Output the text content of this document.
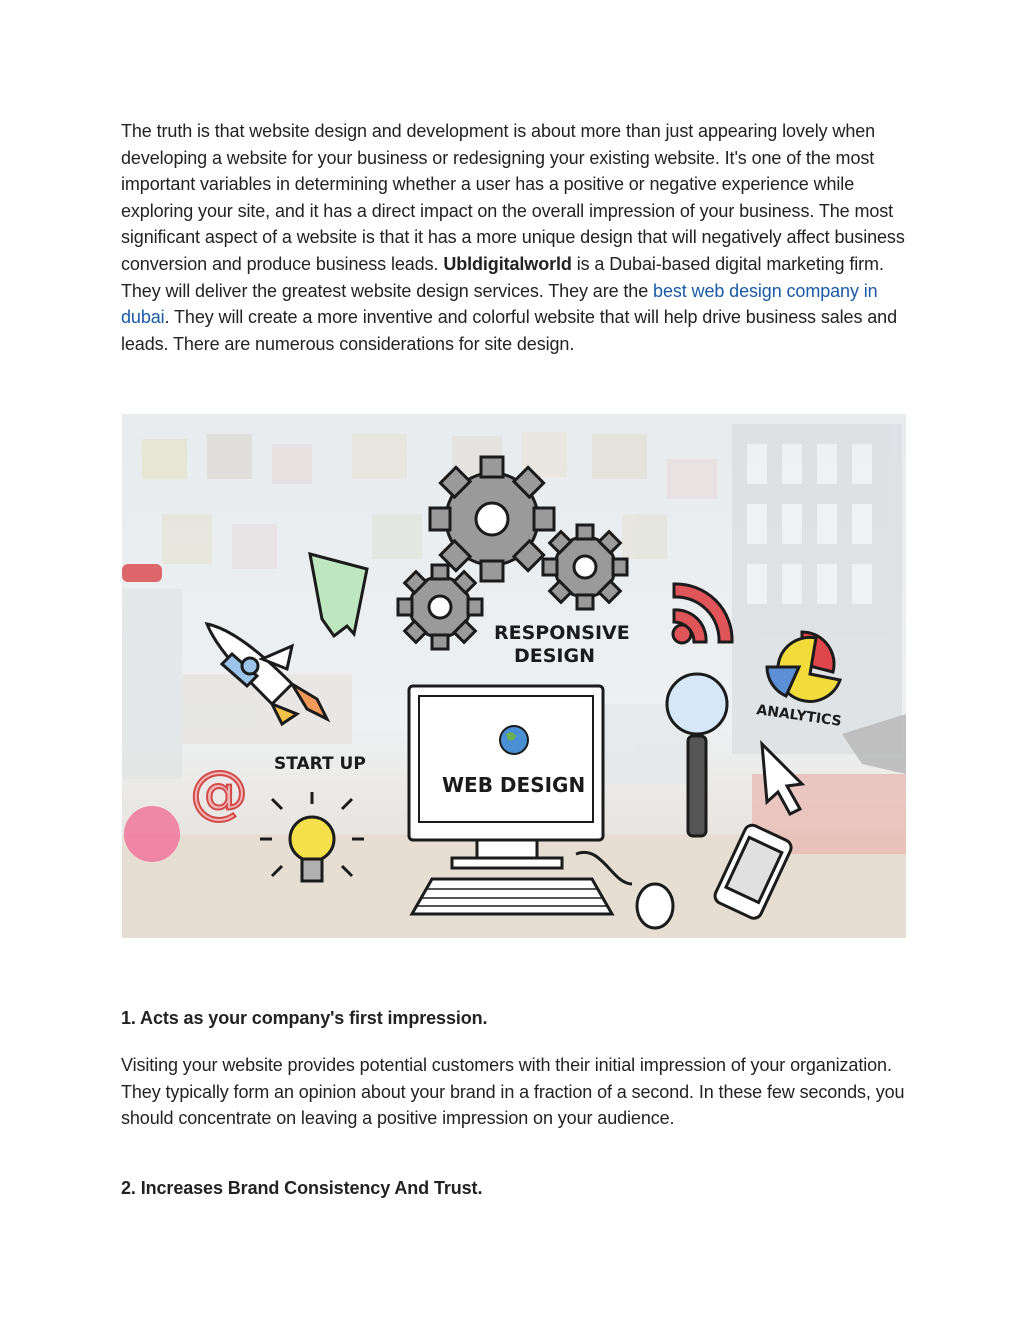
The truth is that website design and development is about more than just appearing lovely when developing a website for your business or redesigning your existing website. It's one of the most important variables in determining whether a user has a positive or negative experience while exploring your site, and it has a direct impact on the overall impression of your business. The most significant aspect of a website is that it has a more unique design that will negatively affect business conversion and produce business leads. Ubldigitalworld is a Dubai-based digital marketing firm. They will deliver the greatest website design services. They are the best web design company in dubai. They will create a more inventive and colorful website that will help drive business sales and leads. There are numerous considerations for site design.

RESPONSIVE
DESIGN
ANALYTICS
START UP
@	WEB DESIGN
1. Acts as your company's first impression.

Visiting your website provides potential customers with their initial impression of your organization. They typically form an opinion about your brand in a fraction of a second. In these few seconds, you should concentrate on leaving a positive impression on your audience.

2. Increases Brand Consistency And Trust.
